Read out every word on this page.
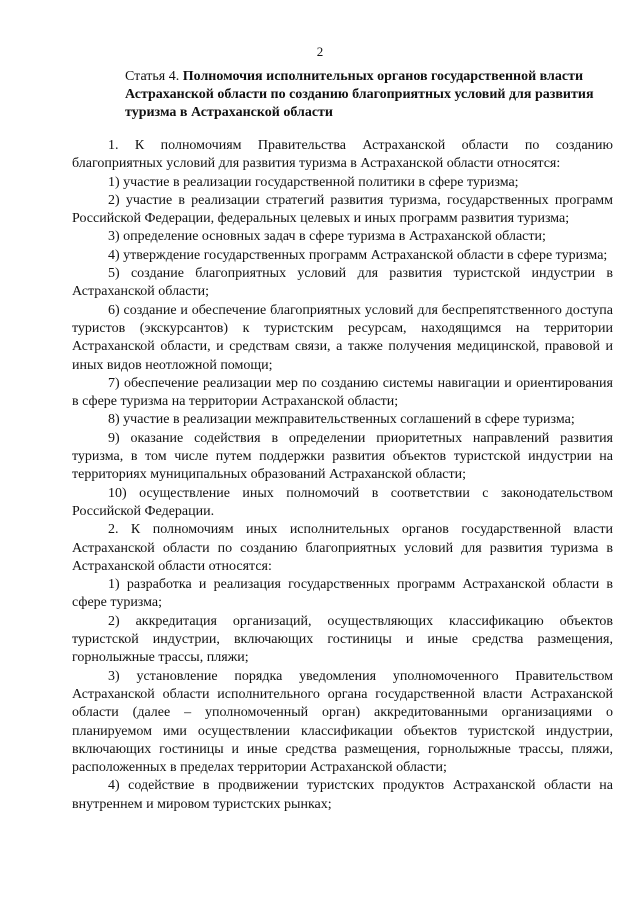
2
Статья 4. Полномочия исполнительных органов государственной власти Астраханской области по созданию благоприятных условий для развития туризма в Астраханской области

1. К полномочиям Правительства Астраханской области по созданию благоприятных условий для развития туризма в Астраханской области относятся:

1) участие в реализации государственной политики в сфере туризма;

2) участие в реализации стратегий развития туризма, государственных программ Российской Федерации, федеральных целевых и иных программ развития туризма;

3) определение основных задач в сфере туризма в Астраханской области;

4) утверждение государственных программ Астраханской области в сфере туризма;

5) создание благоприятных условий для развития туристской индустрии в Астраханской области;

6) создание и обеспечение благоприятных условий для беспрепятственного доступа туристов (экскурсантов) к туристским ресурсам, находящимся на территории Астраханской области, и средствам связи, а также получения медицинской, правовой и иных видов неотложной помощи;

7) обеспечение реализации мер по созданию системы навигации и ориентирования в сфере туризма на территории Астраханской области;

8) участие в реализации межправительственных соглашений в сфере туризма;

9) оказание содействия в определении приоритетных направлений развития туризма, в том числе путем поддержки развития объектов туристской индустрии на территориях муниципальных образований Астраханской области;

10) осуществление иных полномочий в соответствии с законодательством Российской Федерации.

2. К полномочиям иных исполнительных органов государственной власти Астраханской области по созданию благоприятных условий для развития туризма в Астраханской области относятся:

1) разработка и реализация государственных программ Астраханской области в сфере туризма;

2) аккредитация организаций, осуществляющих классификацию объектов туристской индустрии, включающих гостиницы и иные средства размещения, горнолыжные трассы, пляжи;

3) установление порядка уведомления уполномоченного Правительством Астраханской области исполнительного органа государственной власти Астраханской области (далее – уполномоченный орган) аккредитованными организациями о планируемом ими осуществлении классификации объектов туристской индустрии, включающих гостиницы и иные средства размещения, горнолыжные трассы, пляжи, расположенных в пределах территории Астраханской области;

4) содействие в продвижении туристских продуктов Астраханской области на внутреннем и мировом туристских рынках;
